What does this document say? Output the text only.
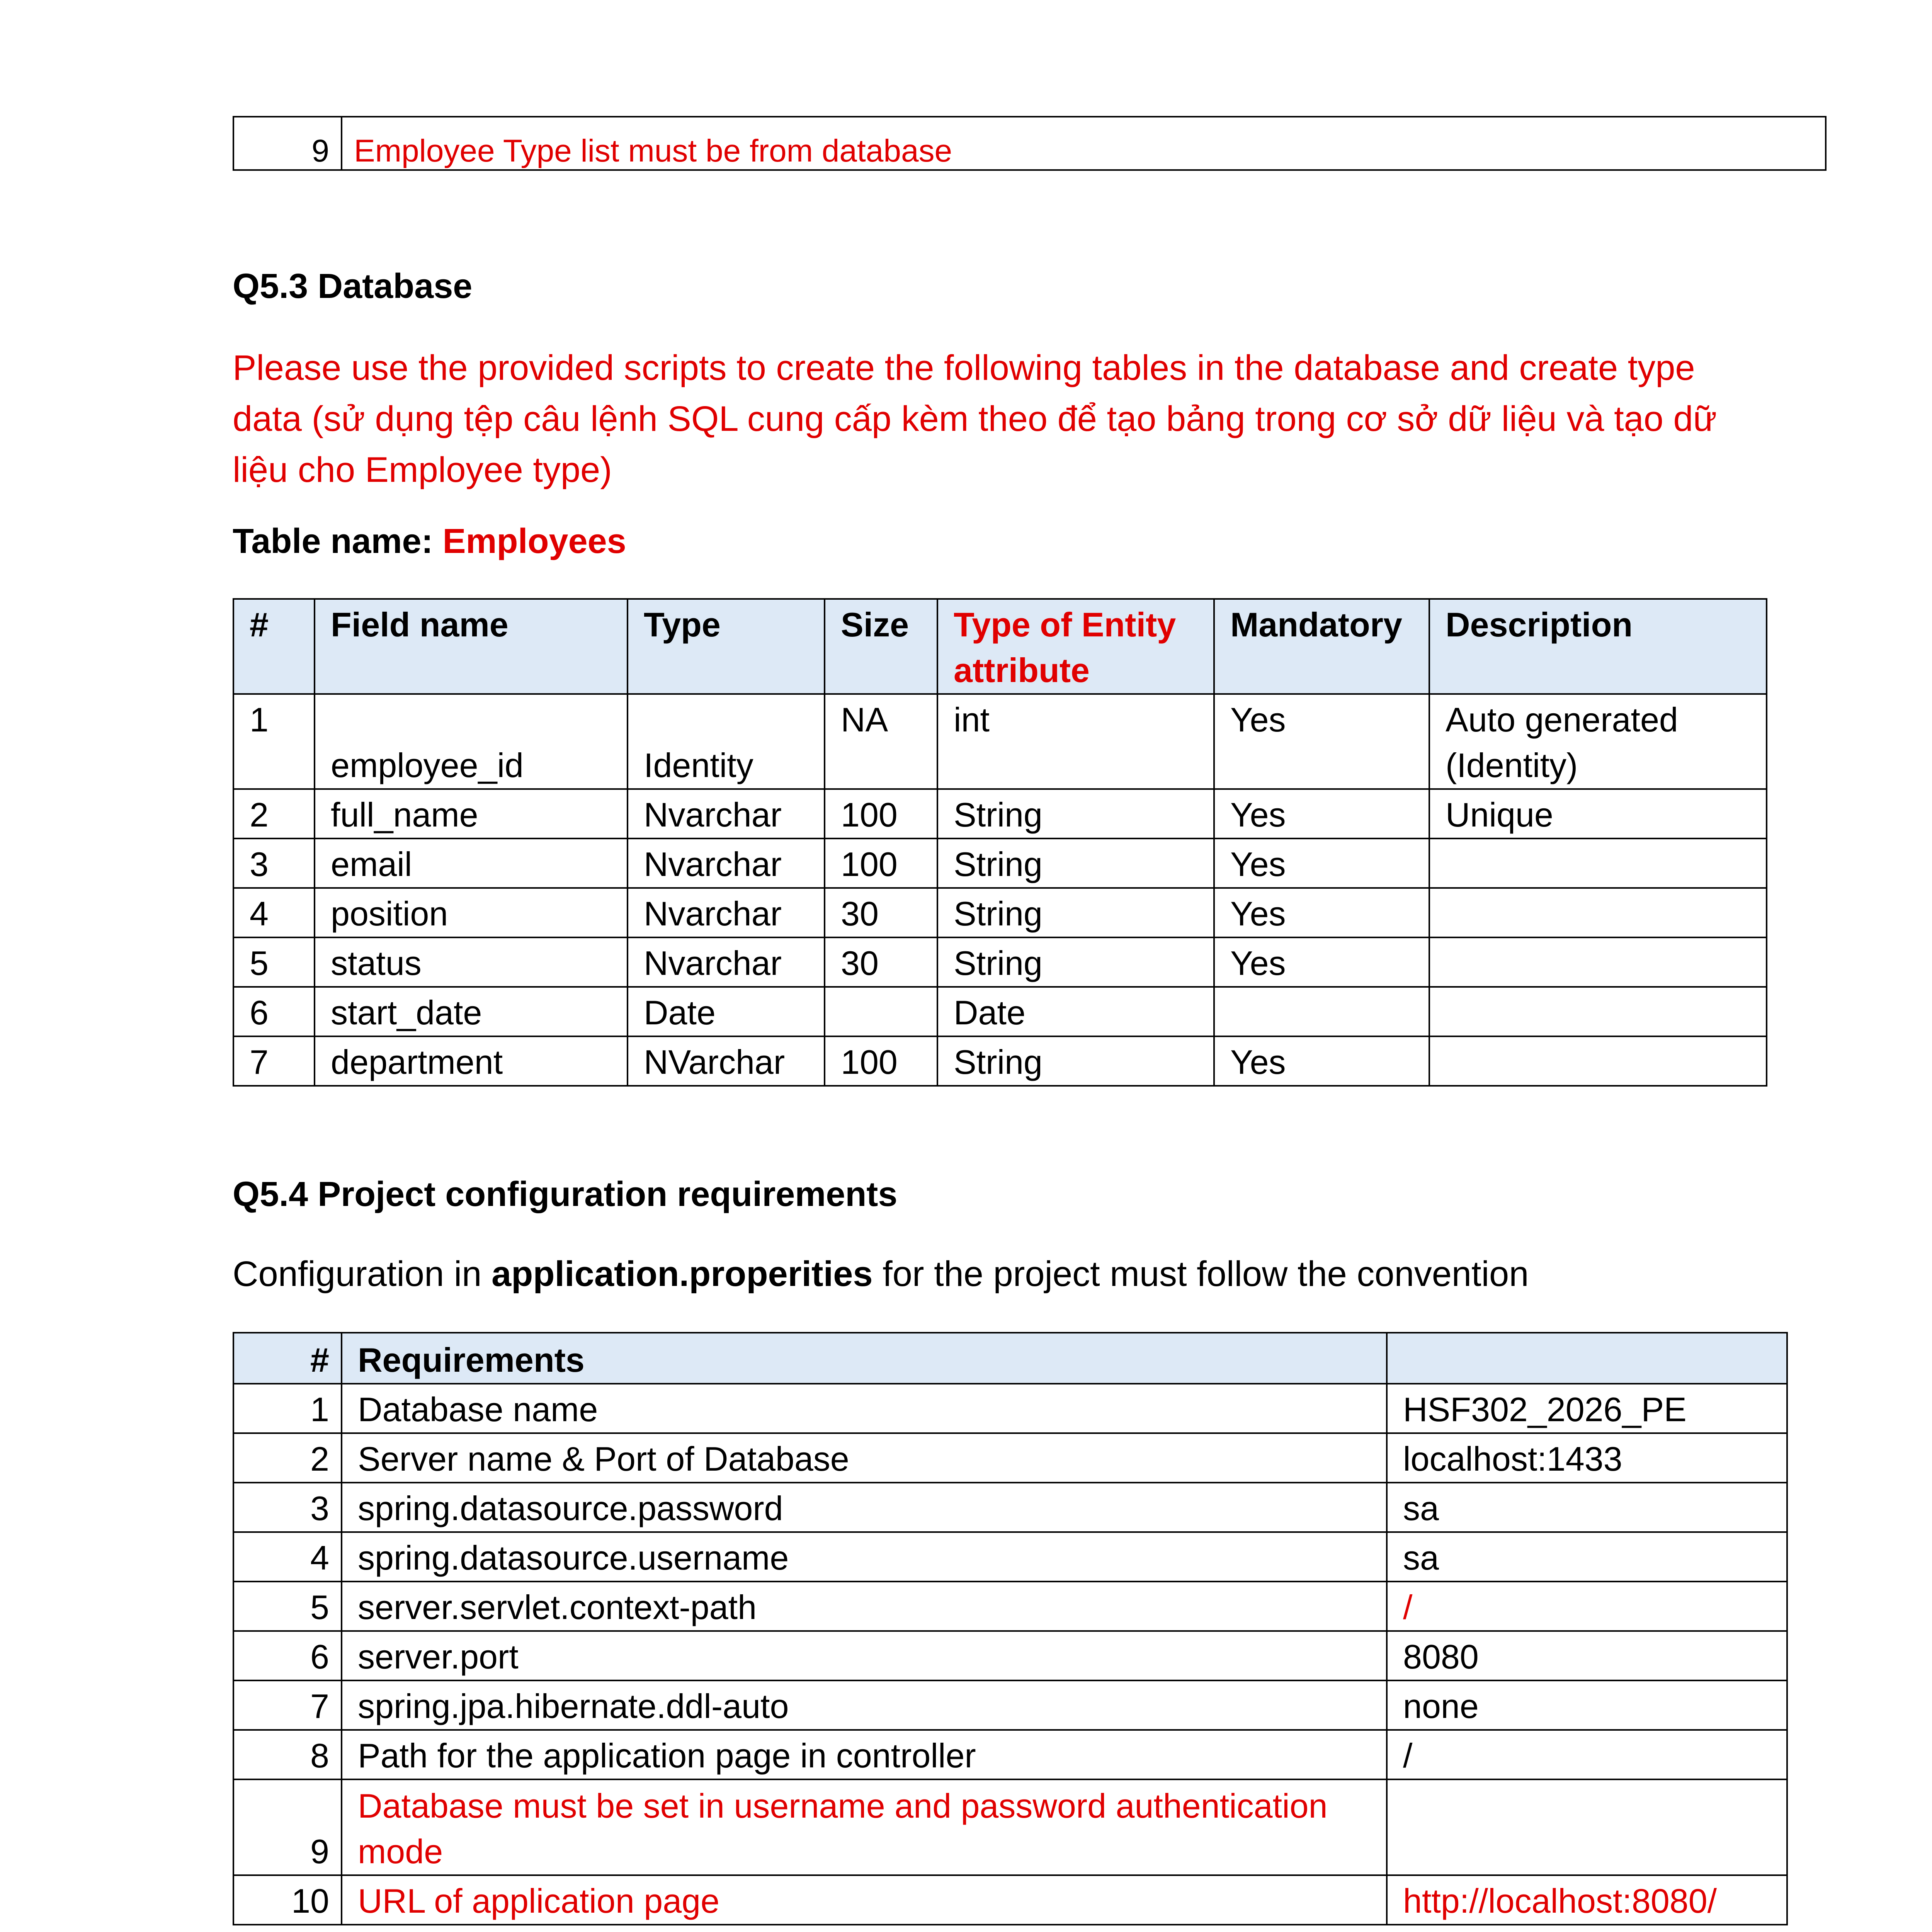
9	Employee Type list must be from database
Q5.3 Database
Please use the provided scripts to create the following tables in the database and create type
data (sử dụng tệp câu lệnh SQL cung cấp kèm theo để tạo bảng trong cơ sở dữ liệu và tạo dữ
liệu cho Employee type)
Table name: Employees
#	Field name	Type	Size	Type of Entity attribute	Mandatory	Description
1	employee_id	Identity	NA	int	Yes	Auto generated (Identity)
2	full_name	Nvarchar	100	String	Yes	Unique
3	email	Nvarchar	100	String	Yes	
4	position	Nvarchar	30	String	Yes	
5	status	Nvarchar	30	String	Yes	
6	start_date	Date		Date		
7	department	NVarchar	100	String	Yes	
Q5.4 Project configuration requirements
Configuration in application.properities for the project must follow the convention
#	Requirements	
1	Database name	HSF302_2026_PE
2	Server name & Port of Database	localhost:1433
3	spring.datasource.password	sa
4	spring.datasource.username	sa
5	server.servlet.context-path	/
6	server.port	8080
7	spring.jpa.hibernate.ddl-auto	none
8	Path for the application page in controller	/
9	Database must be set in username and password authentication mode	
10	URL of application page	http://localhost:8080/
